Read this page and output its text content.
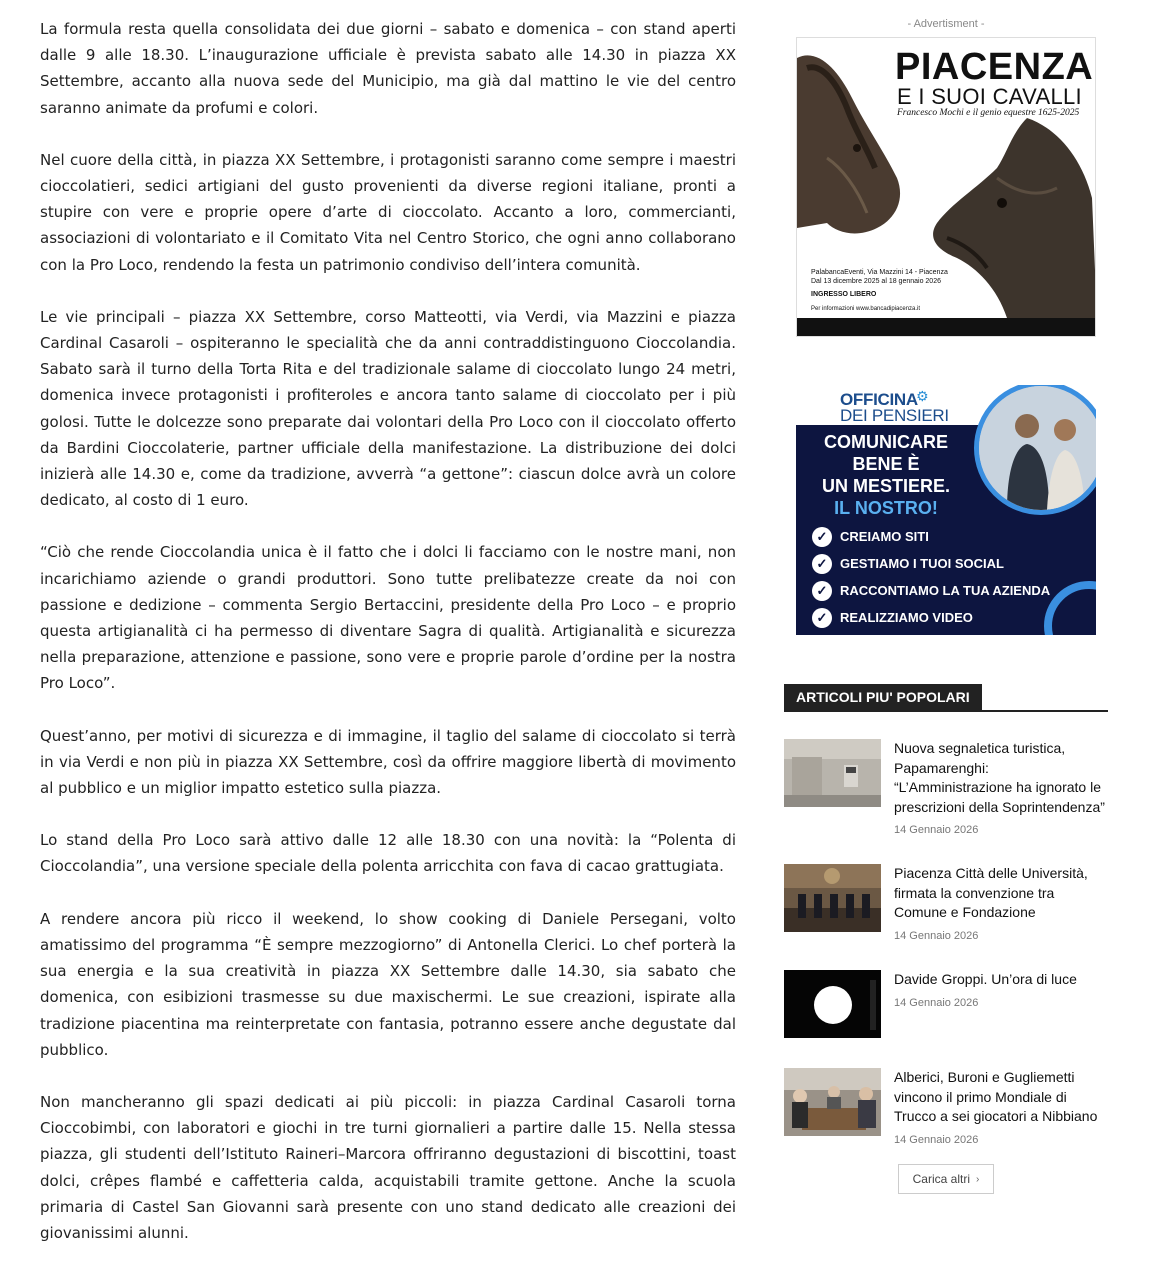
La formula resta quella consolidata dei due giorni – sabato e domenica – con stand aperti dalle 9 alle 18.30. L’inaugurazione ufficiale è prevista sabato alle 14.30 in piazza XX Settembre, accanto alla nuova sede del Municipio, ma già dal mattino le vie del centro saranno animate da profumi e colori.

Nel cuore della città, in piazza XX Settembre, i protagonisti saranno come sempre i maestri cioccolatieri, sedici artigiani del gusto provenienti da diverse regioni italiane, pronti a stupire con vere e proprie opere d’arte di cioccolato. Accanto a loro, commercianti, associazioni di volontariato e il Comitato Vita nel Centro Storico, che ogni anno collaborano con la Pro Loco, rendendo la festa un patrimonio condiviso dell’intera comunità.

Le vie principali – piazza XX Settembre, corso Matteotti, via Verdi, via Mazzini e piazza Cardinal Casaroli – ospiteranno le specialità che da anni contraddistinguono Cioccolandia. Sabato sarà il turno della Torta Rita e del tradizionale salame di cioccolato lungo 24 metri, domenica invece protagonisti i profiteroles e ancora tanto salame di cioccolato per i più golosi. Tutte le dolcezze sono preparate dai volontari della Pro Loco con il cioccolato offerto da Bardini Cioccolaterie, partner ufficiale della manifestazione. La distribuzione dei dolci inizierà alle 14.30 e, come da tradizione, avverrà “a gettone”: ciascun dolce avrà un colore dedicato, al costo di 1 euro.

“Ciò che rende Cioccolandia unica è il fatto che i dolci li facciamo con le nostre mani, non incarichiamo aziende o grandi produttori. Sono tutte prelibatezze create da noi con passione e dedizione – commenta Sergio Bertaccini, presidente della Pro Loco – e proprio questa artigianalità ci ha permesso di diventare Sagra di qualità. Artigianalità e sicurezza nella preparazione, attenzione e passione, sono vere e proprie parole d’ordine per la nostra Pro Loco”.

Quest’anno, per motivi di sicurezza e di immagine, il taglio del salame di cioccolato si terrà in via Verdi e non più in piazza XX Settembre, così da offrire maggiore libertà di movimento al pubblico e un miglior impatto estetico sulla piazza.

Lo stand della Pro Loco sarà attivo dalle 12 alle 18.30 con una novità: la “Polenta di Cioccolandia”, una versione speciale della polenta arricchita con fava di cacao grattugiata.

A rendere ancora più ricco il weekend, lo show cooking di Daniele Persegani, volto amatissimo del programma “È sempre mezzogiorno” di Antonella Clerici. Lo chef porterà la sua energia e la sua creatività in piazza XX Settembre dalle 14.30, sia sabato che domenica, con esibizioni trasmesse su due maxischermi. Le sue creazioni, ispirate alla tradizione piacentina ma reinterpretate con fantasia, potranno essere anche degustate dal pubblico.

Non mancheranno gli spazi dedicati ai più piccoli: in piazza Cardinal Casaroli torna Cioccobimbi, con laboratori e giochi in tre turni giornalieri a partire dalle 15. Nella stessa piazza, gli studenti dell’Istituto Raineri–Marcora offriranno degustazioni di biscottini, toast dolci, crêpes flambé e caffetteria calda, acquistabili tramite gettone. Anche la scuola primaria di Castel San Giovanni sarà presente con uno stand dedicato alle creazioni dei giovanissimi alunni.

- Advertisment -
PIACENZA
E I SUOI CAVALLI
Francesco Mochi e il genio equestre 1625-2025
PalabancaEventi, Via Mazzini 14 - Piacenza
Dal 13 dicembre 2025 al 18 gennaio 2026
INGRESSO LIBERO
Per informazioni www.bancadipiacenza.it
OFFICINA
⚙
DEI PENSIERI
COMUNICARE
BENE È
UN MESTIERE.
IL NOSTRO!
✓ CREIAMO SITI
✓ GESTIAMO I TUOI SOCIAL
✓ RACCONTIAMO LA TUA AZIENDA
✓ REALIZZIAMO VIDEO
ARTICOLI PIU' POPOLARI
Nuova segnaletica turistica, Papamarenghi: “L’Amministrazione ha ignorato le prescrizioni della Soprintendenza”
14 Gennaio 2026
Piacenza Città delle Università, firmata la convenzione tra Comune e Fondazione
14 Gennaio 2026
Davide Groppi. Un’ora di luce
14 Gennaio 2026
Alberici, Buroni e Gugliemetti vincono il primo Mondiale di Trucco a sei giocatori a Nibbiano
14 Gennaio 2026
Carica altri ›
